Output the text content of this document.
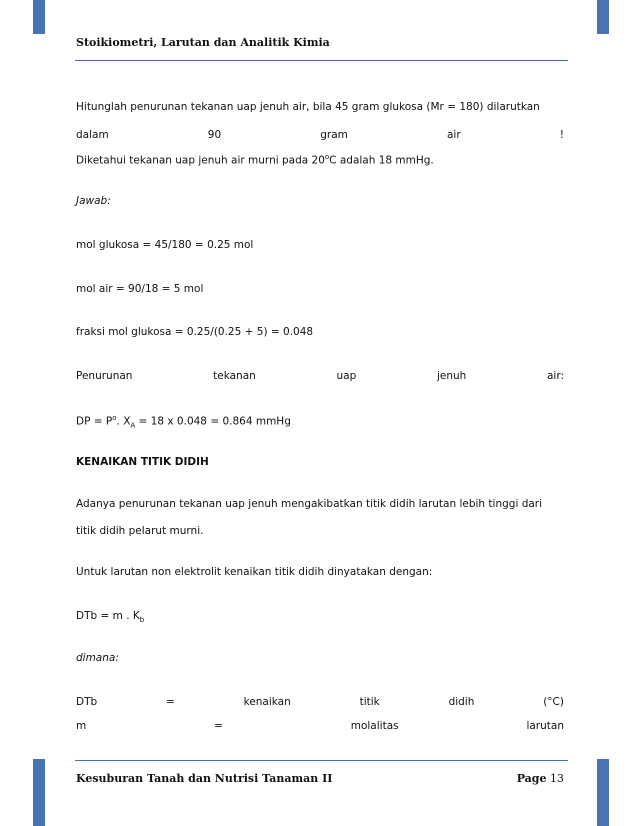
Stoikiometri, Larutan dan Analitik Kimia
Hitunglah penurunan tekanan uap jenuh air, bila 45 gram glukosa (Mr = 180) dilarutkan
dalam	90	gram	air	!
Diketahui tekanan uap jenuh air murni pada 20$^o$C adalah 18 mmHg.
Jawab:
mol glukosa = 45/180 = 0.25 mol
mol air = 90/18 = 5 mol
fraksi mol glukosa = 0.25/(0.25 + 5) = 0.048
Penurunan	tekanan	uap	jenuh	air:
DP = $P^o$. $X_A = 18$ x 0.048 = 0.864 mmHg
KENAIKAN TITIK DIDIH
Adanya penurunan tekanan uap jenuh mengakibatkan titik didih larutan lebih tinggi dari
titik didih pelarut murni.
Untuk larutan non elektrolit kenaikan titik didih dinyatakan dengan:
DTb = m . $K_b$
dimana:
DTb	=	kenaikan	titik	didih	(°C)
m	=	molalitas	larutan
Kesuburan Tanah dan Nutrisi Tanaman II	Page 13
